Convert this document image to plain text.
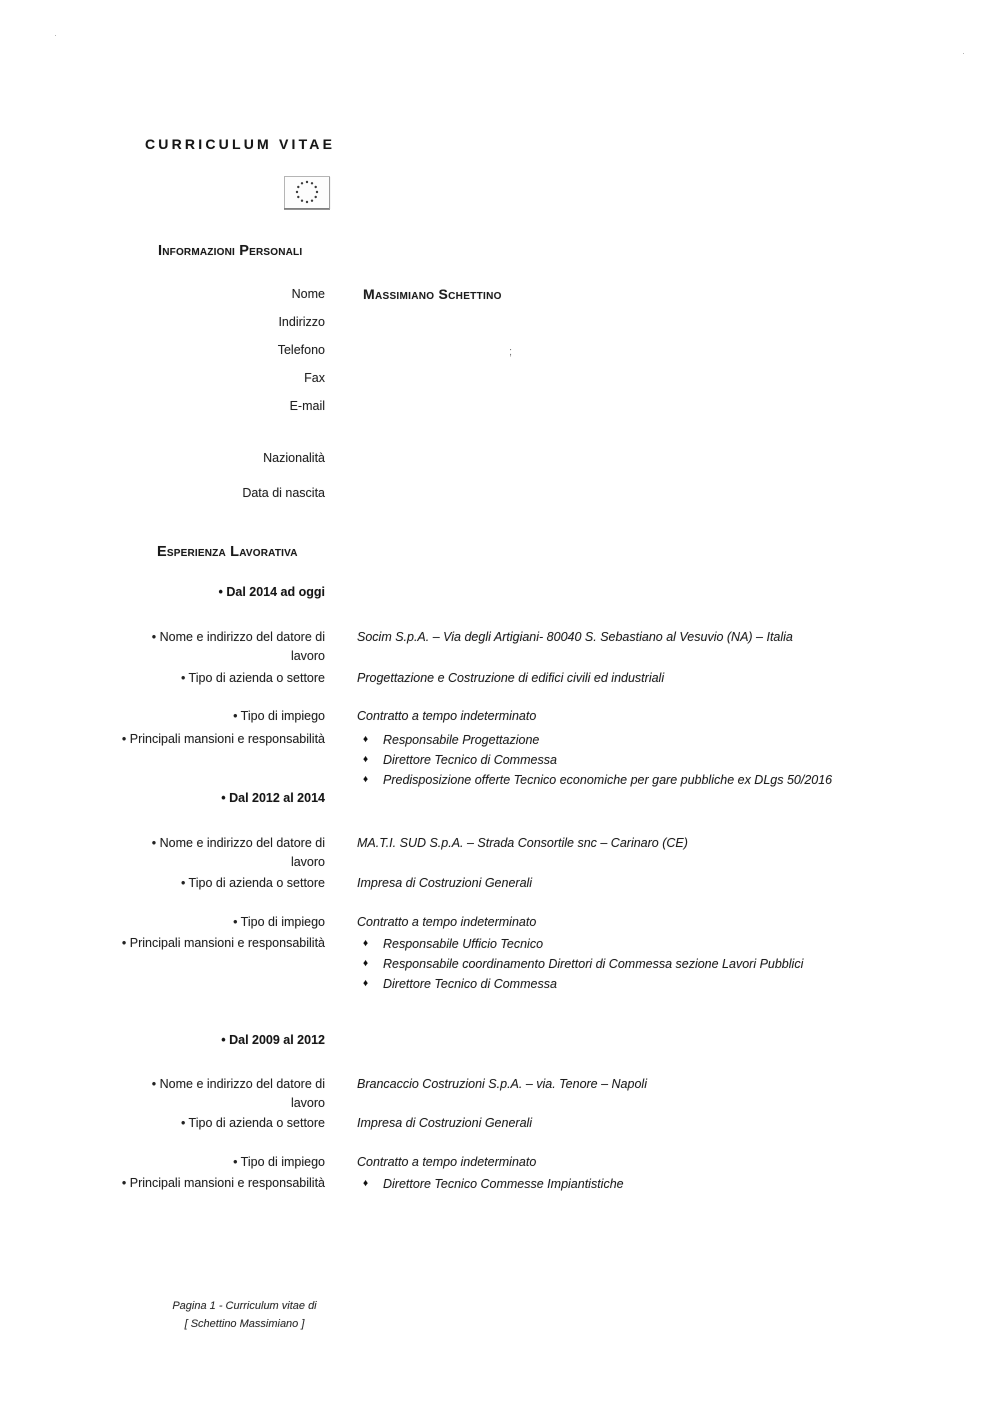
·
·
CURRICULUM VITAE
Informazioni Personali
Nome	Massimiano Schettino
Indirizzo
Telefono	;
Fax
E-mail
Nazionalità
Data di nascita
Esperienza Lavorativa
• Dal 2014 ad oggi
• Nome e indirizzo del datore di lavoro
Socim S.p.A. – Via degli Artigiani- 80040 S. Sebastiano al Vesuvio (NA) – Italia
• Tipo di azienda o settore	Progettazione e Costruzione di edifici civili ed industriali
• Tipo di impiego	Contratto a tempo indeterminato
• Principali mansioni e responsabilità	♦	Responsabile Progettazione
♦	Direttore Tecnico di Commessa
♦	Predisposizione offerte Tecnico economiche per gare pubbliche ex DLgs 50/2016
• Dal 2012 al 2014
• Nome e indirizzo del datore di lavoro
MA.T.I. SUD S.p.A. – Strada Consortile snc – Carinaro (CE)
• Tipo di azienda o settore	Impresa di Costruzioni Generali
• Tipo di impiego	Contratto a tempo indeterminato
• Principali mansioni e responsabilità	♦	Responsabile Ufficio Tecnico
♦	Responsabile coordinamento Direttori di Commessa sezione Lavori Pubblici
♦	Direttore Tecnico di Commessa
• Dal 2009 al 2012
• Nome e indirizzo del datore di lavoro
Brancaccio Costruzioni S.p.A. – via. Tenore – Napoli
• Tipo di azienda o settore	Impresa di Costruzioni Generali
• Tipo di impiego	Contratto a tempo indeterminato
• Principali mansioni e responsabilità	♦	Direttore Tecnico Commesse Impiantistiche
Pagina 1 - Curriculum vitae di
[ Schettino Massimiano ]
